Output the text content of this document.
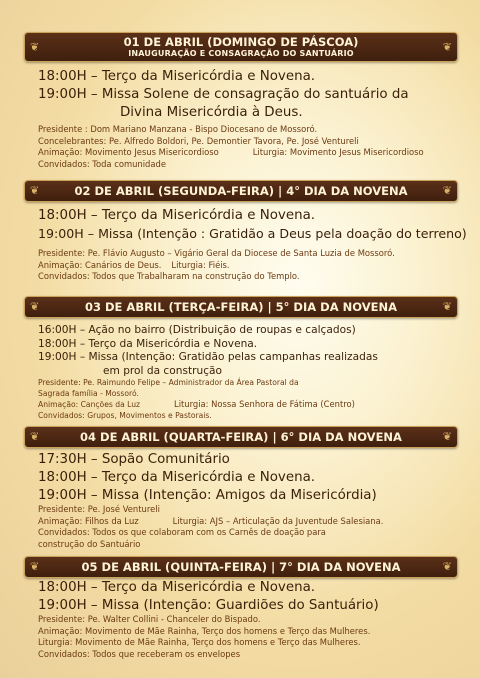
❦	01 DE ABRIL (DOMINGO DE PÁSCOA)
INAUGURAÇÃO E CONSAGRAÇÃO DO SANTUÁRIO	❦
18:00H – Terço da Misericórdia e Novena.
19:00H – Missa Solene de consagração do santuário da
Divina Misericórdia à Deus.
Presidente : Dom Mariano Manzana - Bispo Diocesano de Mossoró.
Concelebrantes: Pe. Alfredo Boldori, Pe. Demontier Tavora, Pe. José Ventureli
Animação: Movimento Jesus Misericordioso	Liturgia: Movimento Jesus Misericordioso
Convidados: Toda comunidade
❦	02 DE ABRIL (SEGUNDA-FEIRA) | 4° DIA DA NOVENA	❦
18:00H – Terço da Misericórdia e Novena.
19:00H – Missa (Intenção : Gratidão a Deus pela doação do terreno)
Presidente: Pe. Flávio Augusto – Vigário Geral da Diocese de Santa Luzia de Mossoró.
Animação: Canários de Deus. Liturgia: Fiéis.
Convidados: Todos que Trabalharam na construção do Templo.
❦	03 DE ABRIL (TERÇA-FEIRA) | 5° DIA DA NOVENA	❦
16:00H – Ação no bairro (Distribuição de roupas e calçados)
18:00H – Terço da Misericórdia e Novena.
19:00H – Missa (Intenção: Gratidão pelas campanhas realizadas
em prol da construção
Presidente: Pe. Raimundo Felipe – Administrador da Área Pastoral da
Sagrada família - Mossoró.
Animação: Canções da Luz	Liturgia: Nossa Senhora de Fátima (Centro)
Convidados: Grupos, Movimentos e Pastorais.
❦	04 DE ABRIL (QUARTA-FEIRA) | 6° DIA DA NOVENA	❦
17:30H – Sopão Comunitário
18:00H – Terço da Misericórdia e Novena.
19:00H – Missa (Intenção: Amigos da Misericórdia)
Presidente: Pe. José Ventureli
Animação: Filhos da Luz	Liturgia: AJS – Articulação da Juventude Salesiana.
Convidados: Todos os que colaboram com os Carnês de doação para
construção do Santuário
❦	05 DE ABRIL (QUINTA-FEIRA) | 7° DIA DA NOVENA	❦
18:00H – Terço da Misericórdia e Novena.
19:00H – Missa (Intenção: Guardiões do Santuário)
Presidente: Pe. Walter Collini - Chanceler do Bispado.
Animação: Movimento de Mãe Rainha, Terço dos homens e Terço das Mulheres.
Liturgia: Movimento de Mãe Rainha, Terço dos homens e Terço das Mulheres.
Convidados: Todos que receberam os envelopes
